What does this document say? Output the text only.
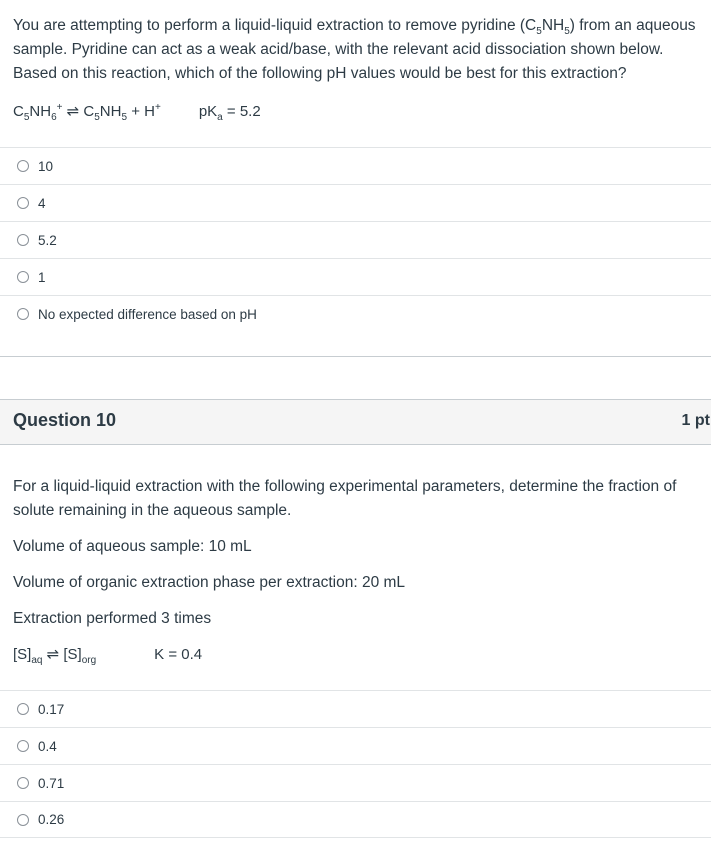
You are attempting to perform a liquid-liquid extraction to remove pyridine $(C_5NH_5)$ from an aqueous sample. Pyridine can act as a weak acid/base, with the relevant acid dissociation shown below. Based on this reaction, which of the following pH values would be best for this extraction?
$C_5NH_6^+$ ⇌ $C_5NH_5 + H^+$	$pK_a = 5.2$
10
4
5.2
1
No expected difference based on pH
Question 10	1 pt
For a liquid-liquid extraction with the following experimental parameters, determine the fraction of solute remaining in the aqueous sample.
Volume of aqueous sample: 10 mL
Volume of organic extraction phase per extraction: 20 mL
Extraction performed 3 times
$[S]_{aq}$ ⇌ $[S]_{org}$	K = 0.4
0.17
0.4
0.71
0.26
